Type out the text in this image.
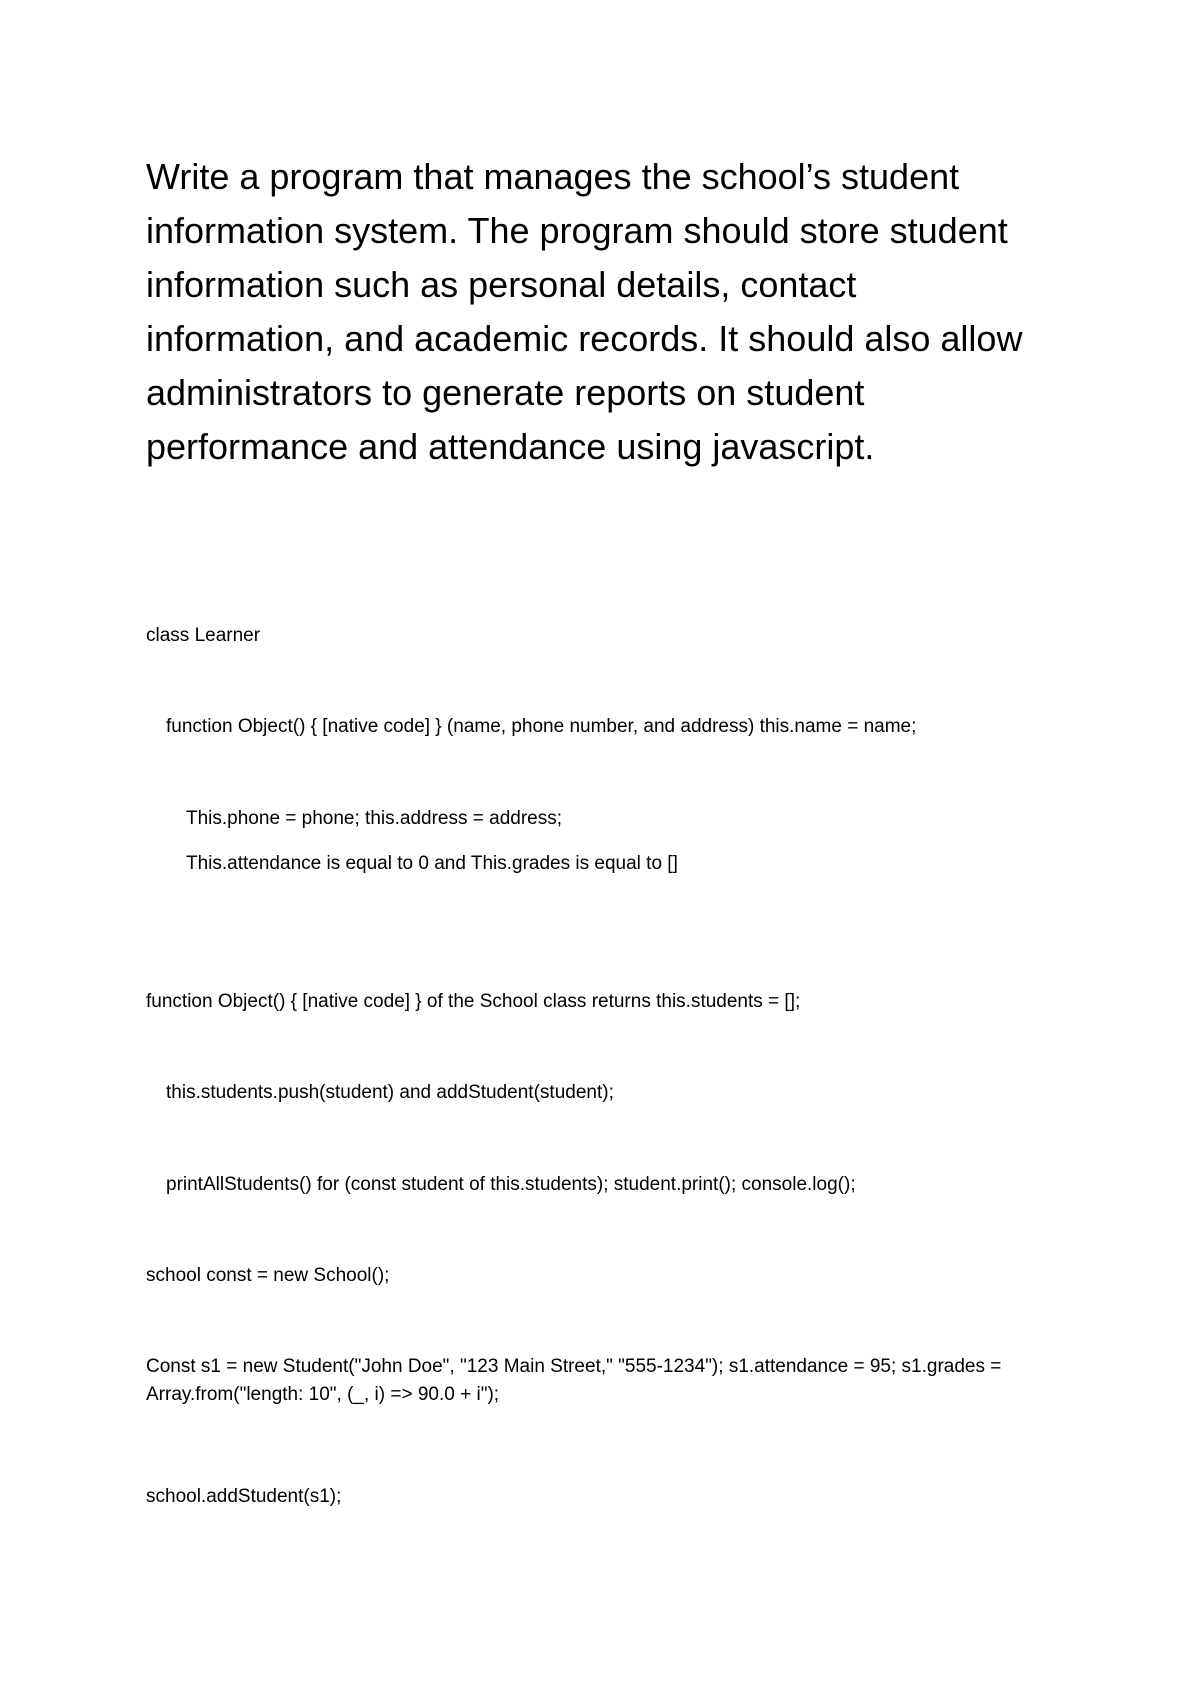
Write a program that manages the school’s student
information system. The program should store student
information such as personal details, contact
information, and academic records. It should also allow
administrators to generate reports on student
performance and attendance using javascript.

class Learner

function Object() { [native code] } (name, phone number, and address) this.name = name;

This.phone = phone; this.address = address;

This.attendance is equal to 0 and This.grades is equal to []

function Object() { [native code] } of the School class returns this.students = [];

this.students.push(student) and addStudent(student);

printAllStudents() for (const student of this.students); student.print(); console.log();

school const = new School();

Const s1 = new Student("John Doe", "123 Main Street," "555-1234"); s1.attendance = 95; s1.grades =
Array.from("length: 10", (_, i) => 90.0 + i");

school.addStudent(s1);
